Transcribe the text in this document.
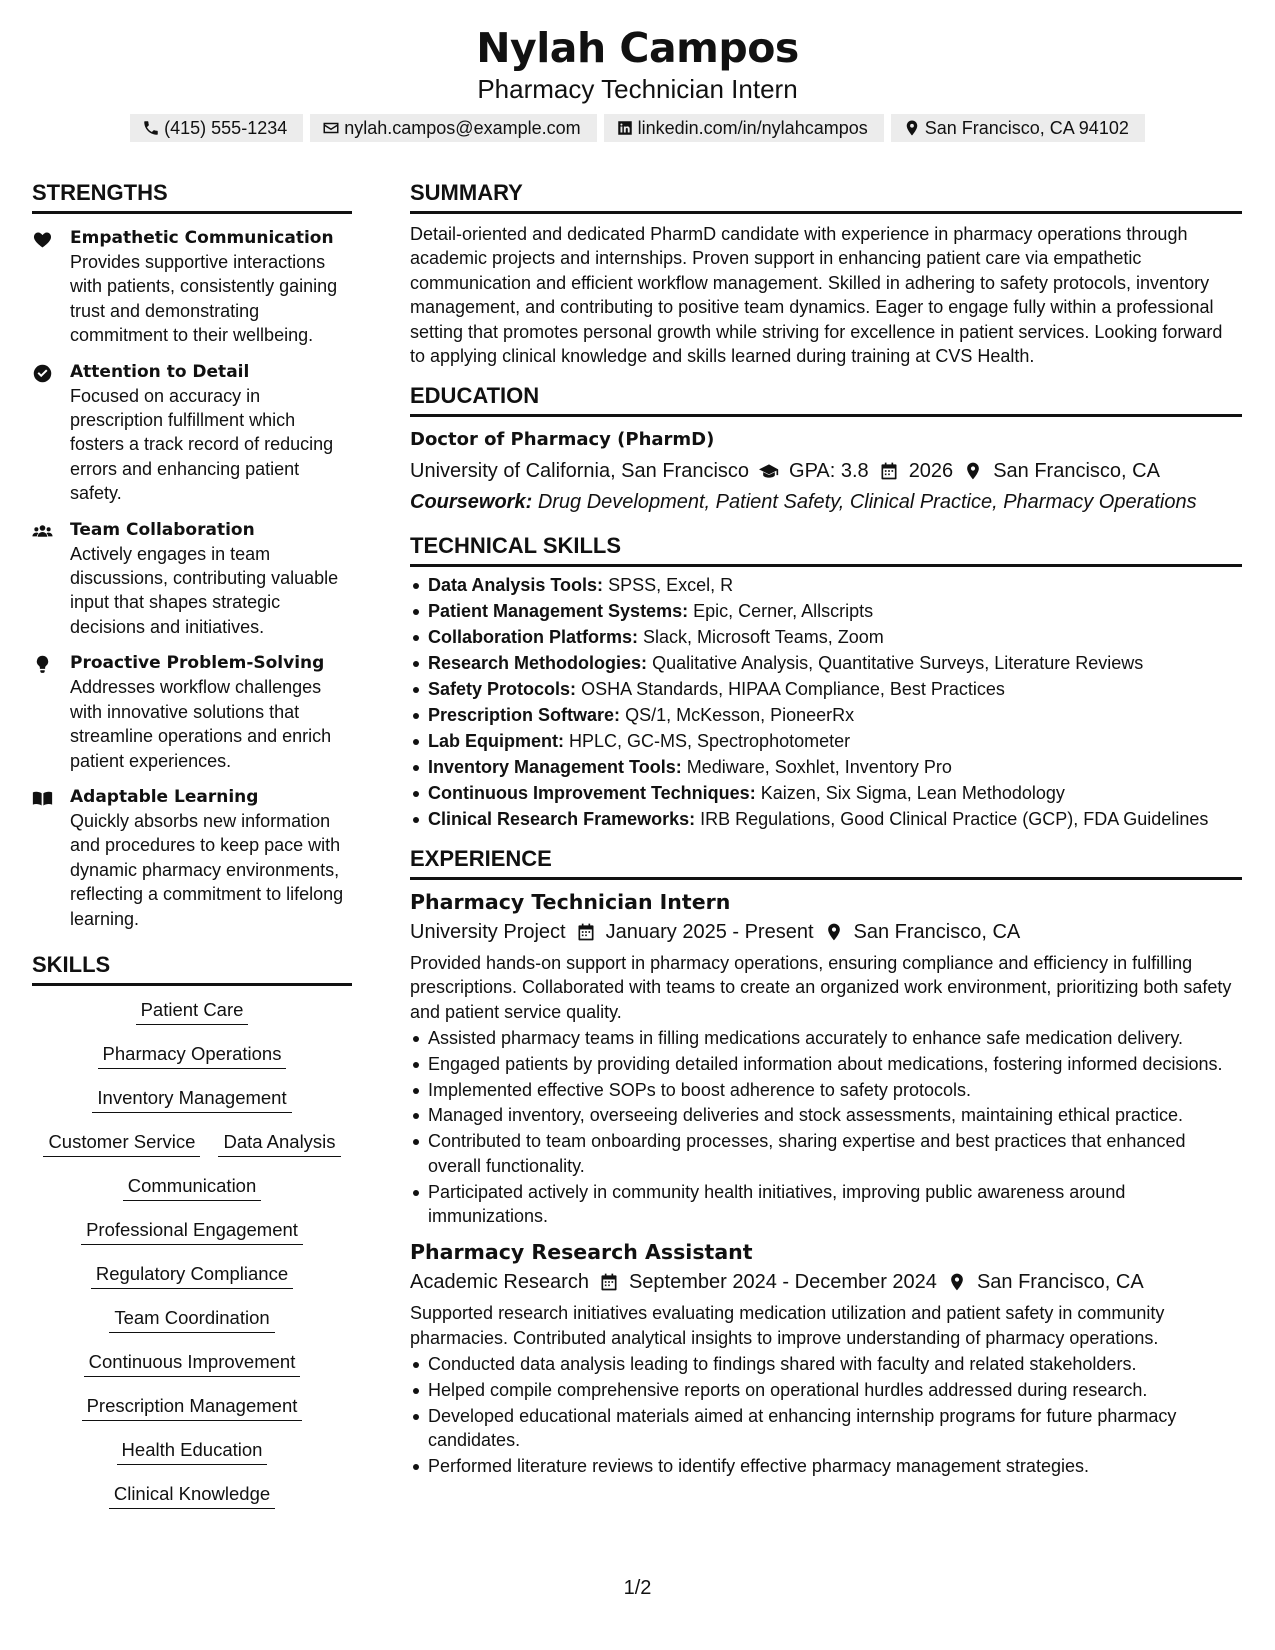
Nylah Campos
Pharmacy Technician Intern
(415) 555-1234	nylah.campos@example.com	linkedin.com/in/nylahcampos	San Francisco, CA 94102
STRENGTHS
Empathetic Communication
Provides supportive interactions with patients, consistently gaining trust and demonstrating commitment to their wellbeing.
Attention to Detail
Focused on accuracy in prescription fulfillment which fosters a track record of reducing errors and enhancing patient safety.
Team Collaboration
Actively engages in team discussions, contributing valuable input that shapes strategic decisions and initiatives.
Proactive Problem-Solving
Addresses workflow challenges with innovative solutions that streamline operations and enrich patient experiences.
Adaptable Learning
Quickly absorbs new information and procedures to keep pace with dynamic pharmacy environments, reflecting a commitment to lifelong learning.
SKILLS
Patient Care
Pharmacy Operations
Inventory Management
Customer Service Data Analysis
Communication
Professional Engagement
Regulatory Compliance
Team Coordination
Continuous Improvement
Prescription Management
Health Education
Clinical Knowledge
SUMMARY
Detail-oriented and dedicated PharmD candidate with experience in pharmacy operations through academic projects and internships. Proven support in enhancing patient care via empathetic communication and efficient workflow management. Skilled in adhering to safety protocols, inventory management, and contributing to positive team dynamics. Eager to engage fully within a professional setting that promotes personal growth while striving for excellence in patient services. Looking forward to applying clinical knowledge and skills learned during training at CVS Health.
EDUCATION
Doctor of Pharmacy (PharmD)
University of California, San Francisco GPA: 3.8 2026 San Francisco, CA
Coursework: Drug Development, Patient Safety, Clinical Practice, Pharmacy Operations
TECHNICAL SKILLS
Data Analysis Tools: SPSS, Excel, R
Patient Management Systems: Epic, Cerner, Allscripts
Collaboration Platforms: Slack, Microsoft Teams, Zoom
Research Methodologies: Qualitative Analysis, Quantitative Surveys, Literature Reviews
Safety Protocols: OSHA Standards, HIPAA Compliance, Best Practices
Prescription Software: QS/1, McKesson, PioneerRx
Lab Equipment: HPLC, GC-MS, Spectrophotometer
Inventory Management Tools: Mediware, Soxhlet, Inventory Pro
Continuous Improvement Techniques: Kaizen, Six Sigma, Lean Methodology
Clinical Research Frameworks: IRB Regulations, Good Clinical Practice (GCP), FDA Guidelines
EXPERIENCE
Pharmacy Technician Intern
University Project January 2025 - Present San Francisco, CA
Provided hands-on support in pharmacy operations, ensuring compliance and efficiency in fulfilling prescriptions. Collaborated with teams to create an organized work environment, prioritizing both safety and patient service quality.
Assisted pharmacy teams in filling medications accurately to enhance safe medication delivery.
Engaged patients by providing detailed information about medications, fostering informed decisions.
Implemented effective SOPs to boost adherence to safety protocols.
Managed inventory, overseeing deliveries and stock assessments, maintaining ethical practice.
Contributed to team onboarding processes, sharing expertise and best practices that enhanced overall functionality.
Participated actively in community health initiatives, improving public awareness around immunizations.
Pharmacy Research Assistant
Academic Research September 2024 - December 2024 San Francisco, CA
Supported research initiatives evaluating medication utilization and patient safety in community pharmacies. Contributed analytical insights to improve understanding of pharmacy operations.
Conducted data analysis leading to findings shared with faculty and related stakeholders.
Helped compile comprehensive reports on operational hurdles addressed during research.
Developed educational materials aimed at enhancing internship programs for future pharmacy candidates.
Performed literature reviews to identify effective pharmacy management strategies.
1/2
